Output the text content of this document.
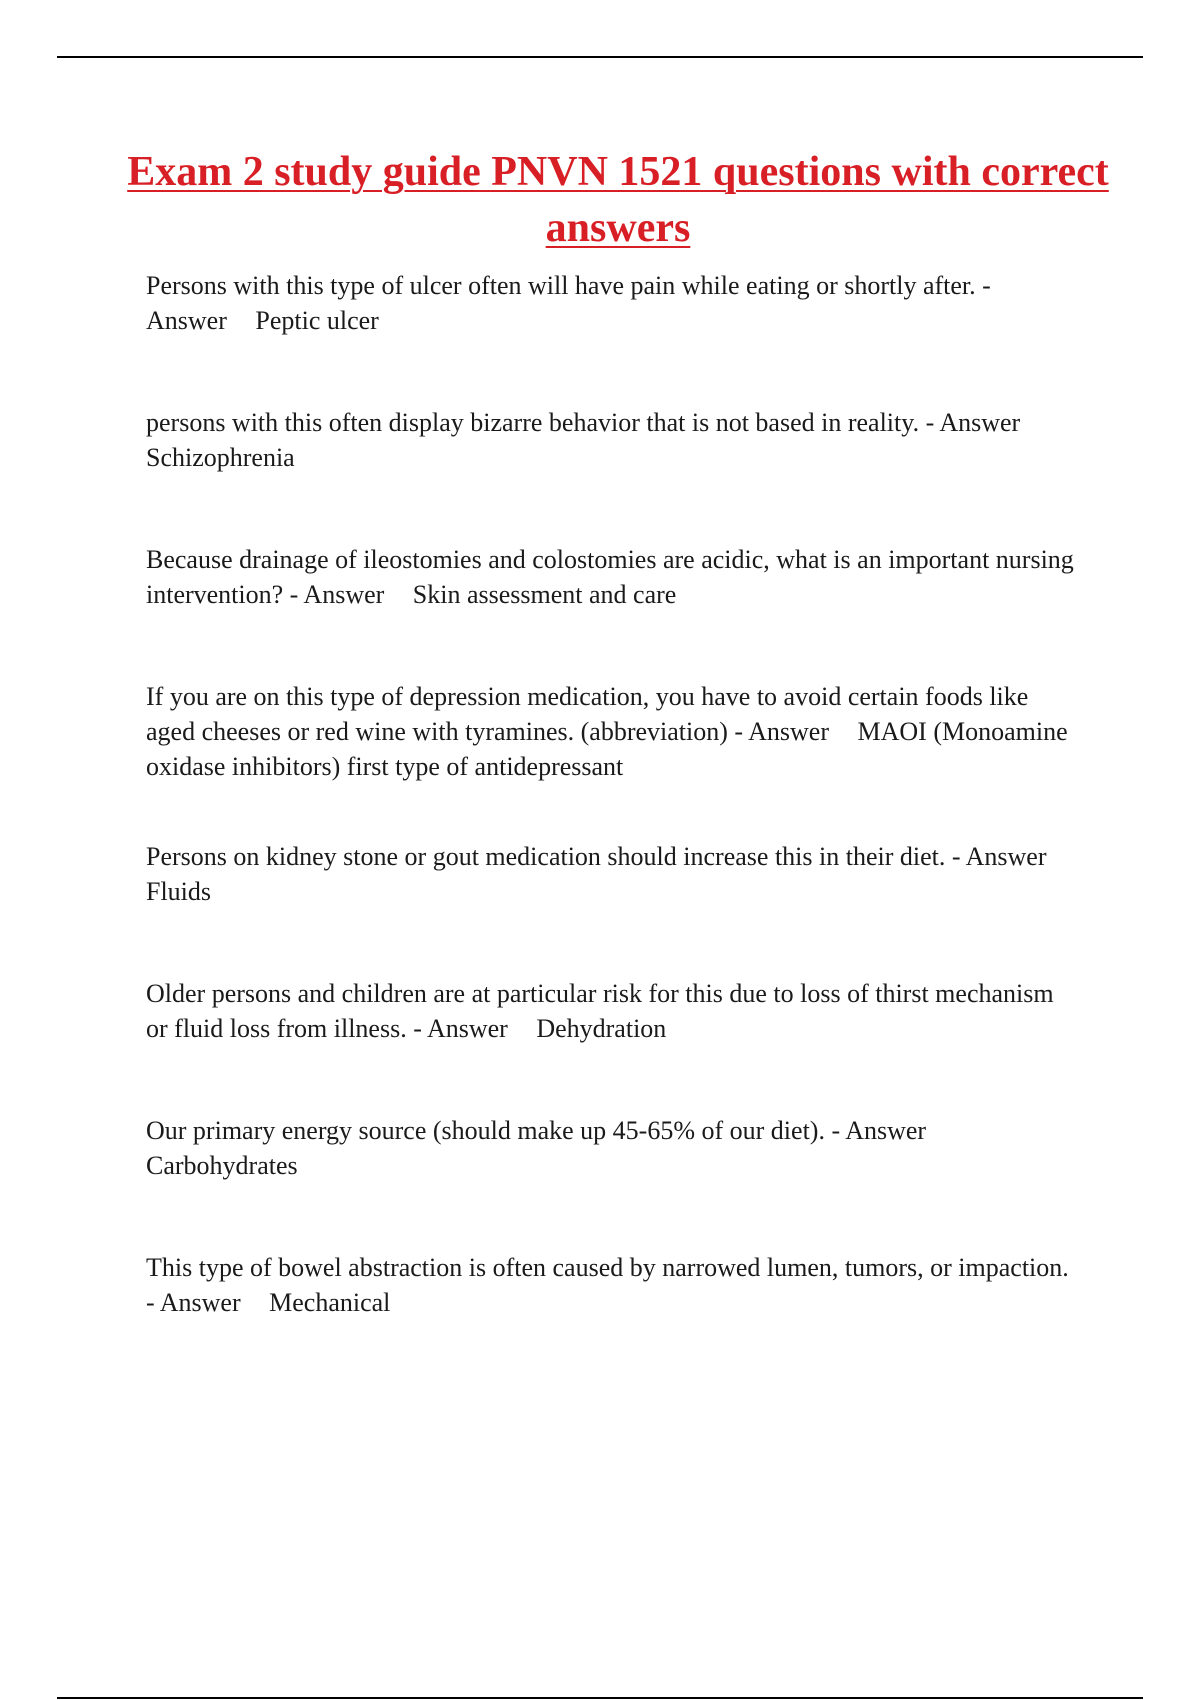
Exam 2 study guide PNVN 1521 questions with correct answers
Persons with this type of ulcer often will have pain while eating or shortly after. - Answer Peptic ulcer
persons with this often display bizarre behavior that is not based in reality. - Answer Schizophrenia
Because drainage of ileostomies and colostomies are acidic, what is an important nursing intervention? - Answer Skin assessment and care
If you are on this type of depression medication, you have to avoid certain foods like aged cheeses or red wine with tyramines. (abbreviation) - Answer MAOI (Monoamine oxidase inhibitors) first type of antidepressant
Persons on kidney stone or gout medication should increase this in their diet. - Answer Fluids
Older persons and children are at particular risk for this due to loss of thirst mechanism or fluid loss from illness. - Answer Dehydration
Our primary energy source (should make up 45-65% of our diet). - Answer Carbohydrates
This type of bowel abstraction is often caused by narrowed lumen, tumors, or impaction. - Answer Mechanical
